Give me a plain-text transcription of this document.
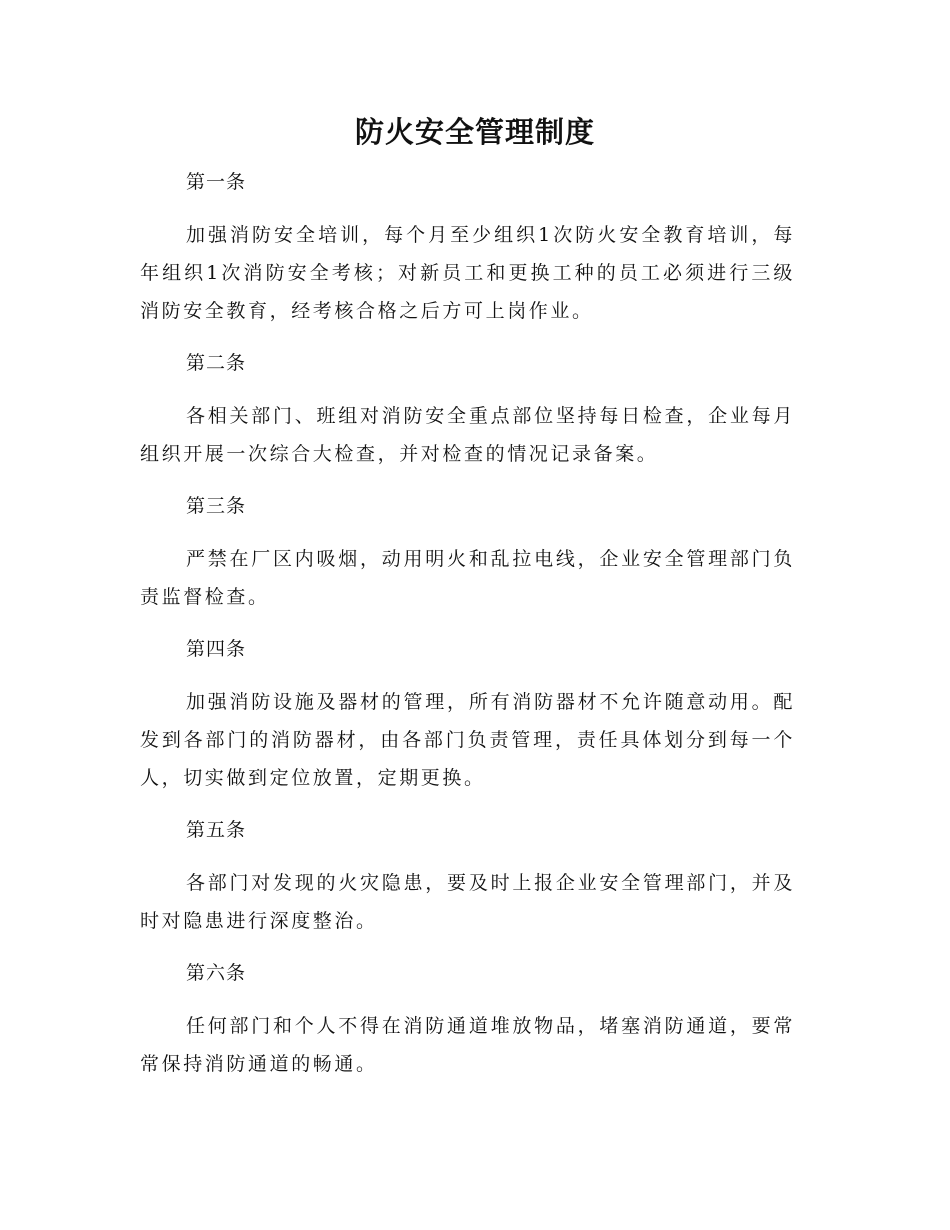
防火安全管理制度

第一条

加强消防安全培训，每个月至少组织1次防火安全教育培训，每年组织1次消防安全考核；对新员工和更换工种的员工必须进行三级消防安全教育，经考核合格之后方可上岗作业。

第二条

各相关部门、班组对消防安全重点部位坚持每日检查，企业每月组织开展一次综合大检查，并对检查的情况记录备案。

第三条

严禁在厂区内吸烟，动用明火和乱拉电线，企业安全管理部门负责监督检查。

第四条

加强消防设施及器材的管理，所有消防器材不允许随意动用。配发到各部门的消防器材，由各部门负责管理，责任具体划分到每一个人，切实做到定位放置，定期更换。

第五条

各部门对发现的火灾隐患，要及时上报企业安全管理部门，并及时对隐患进行深度整治。

第六条

任何部门和个人不得在消防通道堆放物品，堵塞消防通道，要常常保持消防通道的畅通。
